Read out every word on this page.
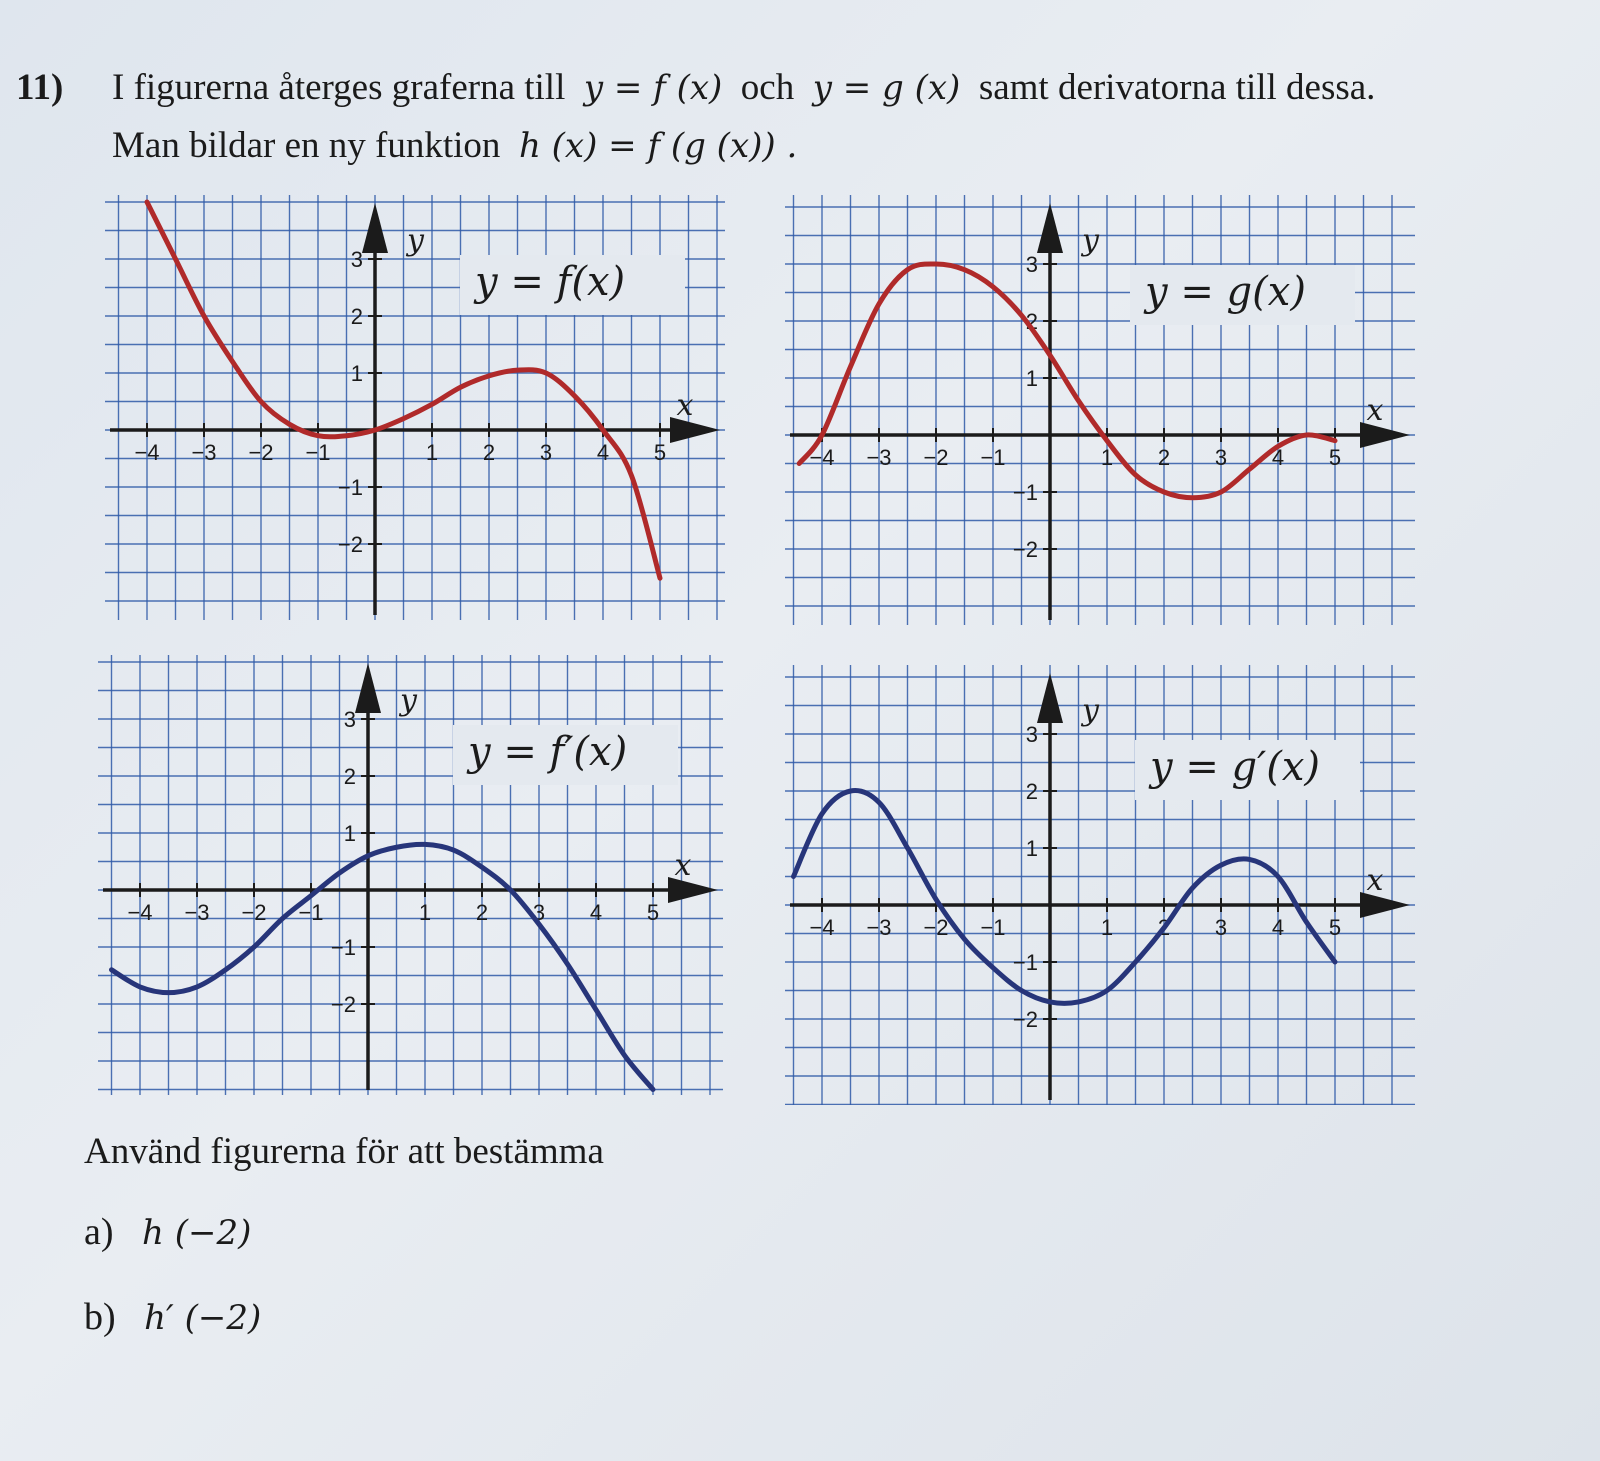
11) I figurerna återges graferna till y = f (x) och y = g (x) samt derivatorna till dessa.
Man bildar en ny funktion h (x) = f (g (x)) .
x
y
−4 −3 −2 −1	1 2 3 4 5
3
2
1
−1
−2
y = f(x)
x
y
−4 −3 −2 −1	1 2 3 4 5
3
2
1
−1
−2
y = g(x)
x
y
−4 −3 −2 −1	1 2 3 4 5
3
2
1
−1
−2
y = f′(x)
x
y
−4 −3 −2 −1	1 2 3 4 5
3
2
1
−1
−2
y = g′(x)
Använd figurerna för att bestämma
a) h (−2)
b) h′ (−2)
